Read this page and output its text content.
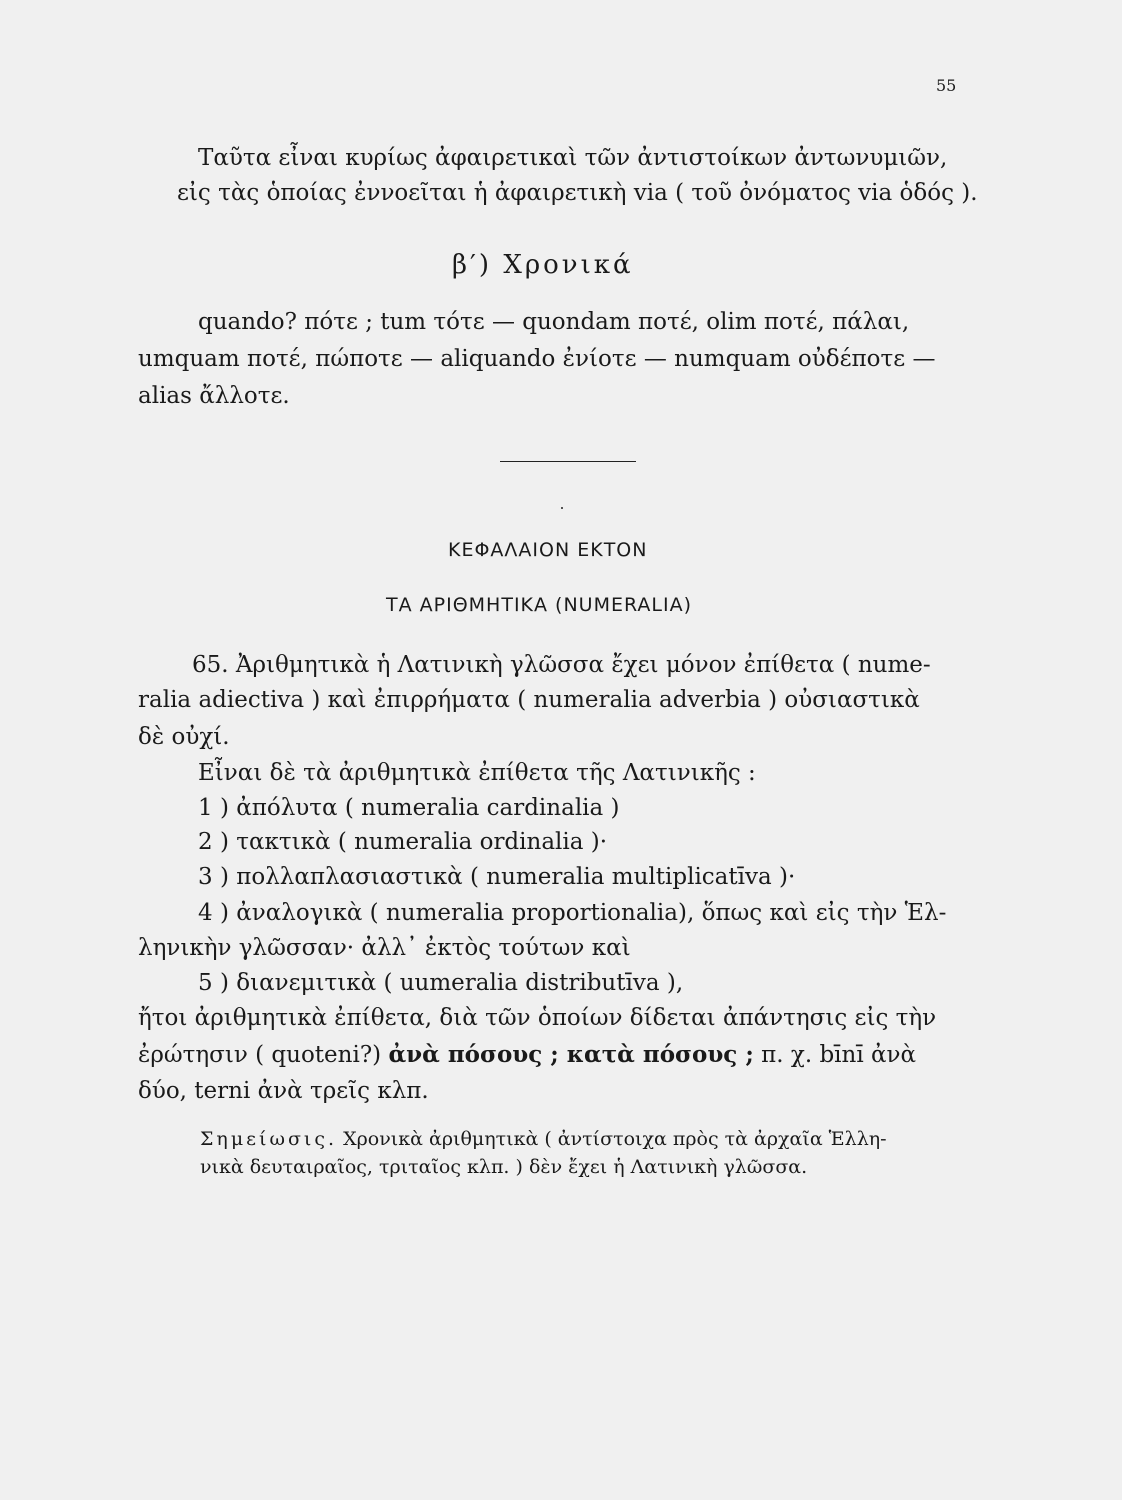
55
Ταῦτα εἶναι κυρίως ἀφαιρετικαὶ τῶν ἀντιστοίκων ἀντωνυμιῶν,
εἰς τὰς ὁποίας ἐννοεῖται ἡ ἀφαιρετικὴ via ( τοῦ ὀνόματος via ὁδός ).
β′) Χρονικά
quando? πότε ; tum τότε — quondam ποτέ, olim ποτέ, πάλαι,
umquam ποτέ, πώποτε — aliquando ἐνίοτε — numquam οὐδέποτε —
alias ἄλλοτε.
ΚΕΦΑΛΑΙΟΝ ΕΚΤΟΝ
ΤΑ ΑΡΙΘΜΗΤΙΚΑ (NUMERALIA)
65. Ἀριθμητικὰ ἡ Λατινικὴ γλῶσσα ἔχει μόνον ἐπίθετα ( nume-
ralia adiectiva ) καὶ ἐπιρρήματα ( numeralia adverbia ) οὐσιαστικὰ
δὲ οὐχί.
Εἶναι δὲ τὰ ἀριθμητικὰ ἐπίθετα τῆς Λατινικῆς :
1 ) ἀπόλυτα ( numeralia cardinalia )
2 ) τακτικὰ ( numeralia ordinalia )·
3 ) πολλαπλασιαστικὰ ( numeralia multiplicatīva )·
4 ) ἀναλογικὰ ( numeralia proportionalia), ὅπως καὶ εἰς τὴν Ἑλ-
ληνικὴν γλῶσσαν· ἀλλ᾽ ἐκτὸς τούτων καὶ
5 ) διανεμιτικὰ ( uumeralia distributīva ),
ἤτοι ἀριθμητικὰ ἐπίθετα, διὰ τῶν ὁποίων δίδεται ἀπάντησις εἰς τὴν
ἐρώτησιν ( quoteni?) ἀνὰ πόσους ; κατὰ πόσους ; π. χ. bīnī ἀνὰ
δύο, terni ἀνὰ τρεῖς κλπ.
Σημείωσις. Χρονικὰ ἀριθμητικὰ ( ἀντίστοιχα πρὸς τὰ ἀρχαῖα Ἑλλη-
νικὰ δευταιραῖος, τριταῖος κλπ. ) δὲν ἔχει ἡ Λατινικὴ γλῶσσα.
